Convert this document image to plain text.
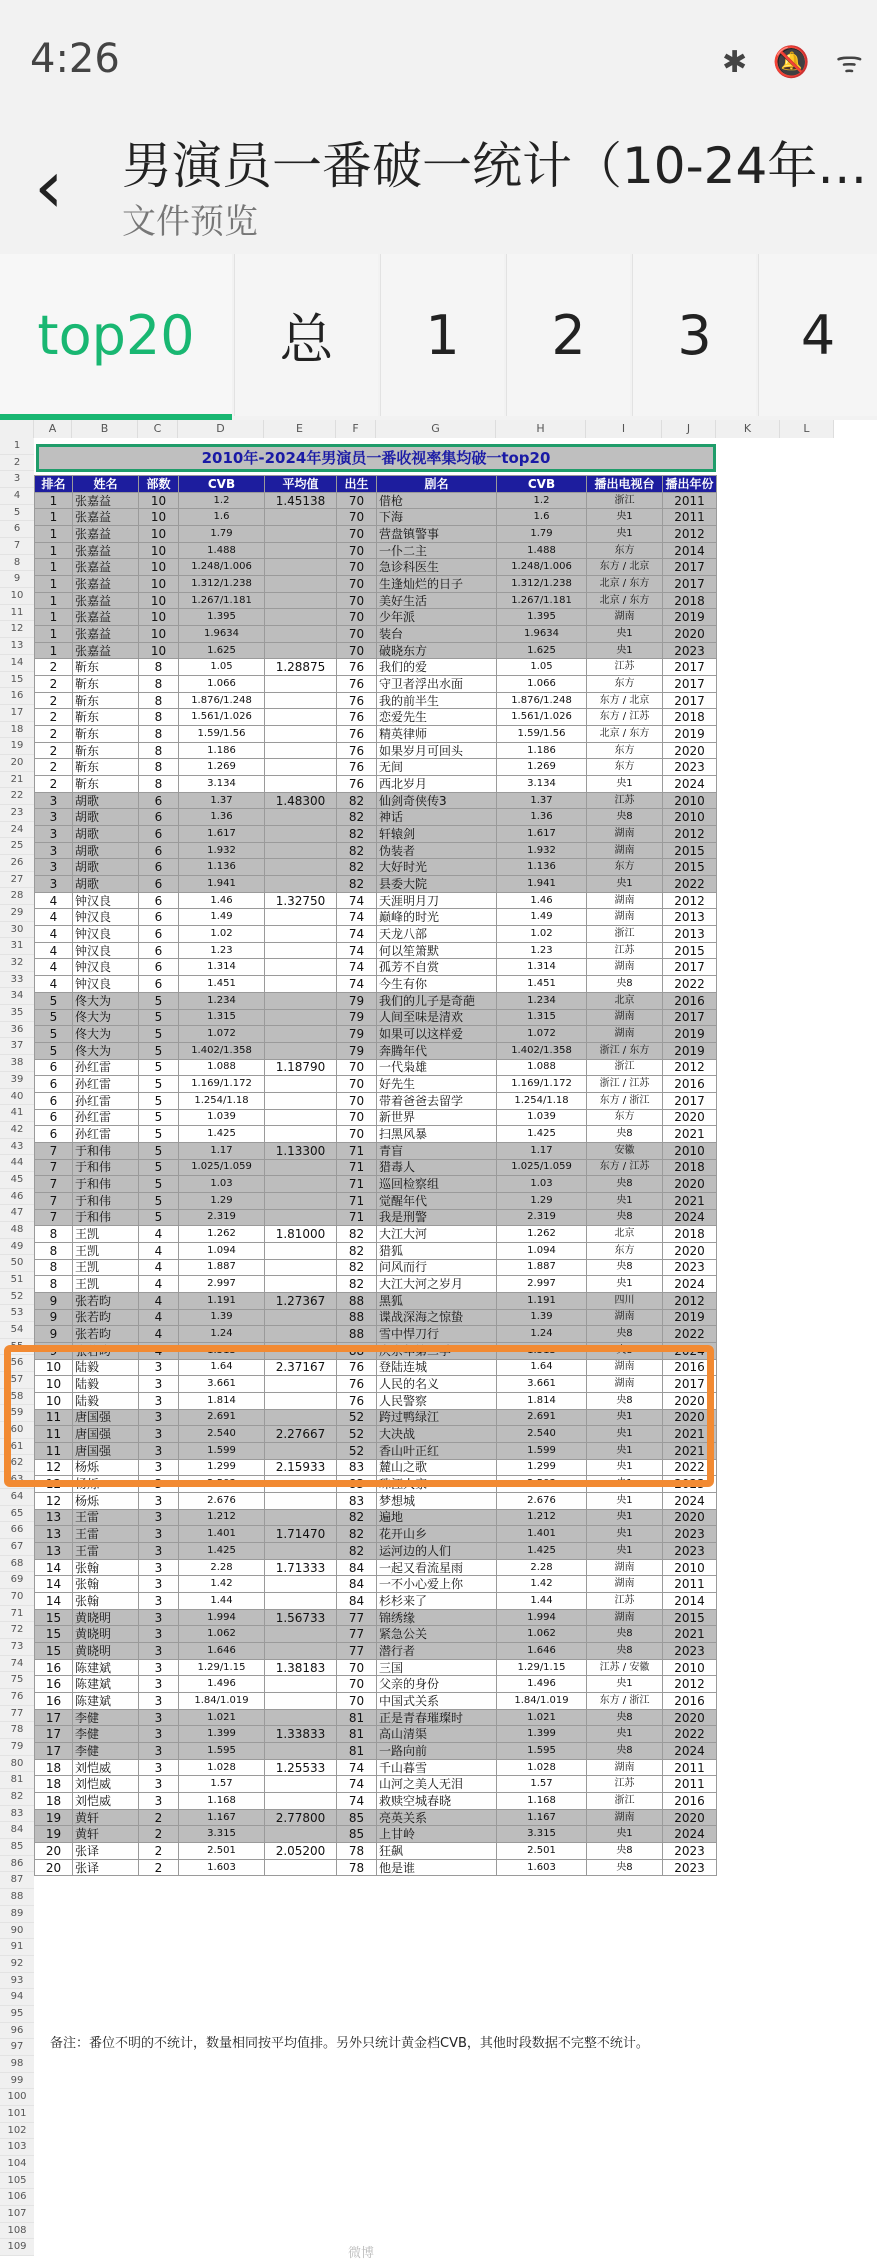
4:26	✱ 🔕 ᯤ
‹	男演员一番破一统计（10-24年…
文件预览
top20	总	1	2	3	4
A	B	C	D	E	F	G	H	I	J	K	L
1
2
3
4
5
6
7
8
9
10
11
12
13
14
15
16
17
18
19
20
21
22
23
24
25
26
27
28
29
30
31
32
33
34
35
36
37
38
39
40
41
42
43
44
45
46
47
48
49
50
51
52
53
54
55
56
57
58
59
60
61
62
63
64
65
66
67
68
69
70
71
72
73
74
75
76
77
78
79
80
81
82
83
84
85
86
87
88
89
90
91
92
93
94
95
96
97
98
99
100
101
102
103
104
105
106
107
108
109
2010年-2024年男演员一番收视率集均破一top20
排名	姓名	部数	CVB	平均值	出生	剧名	CVB	播出电视台	播出年份
1	张嘉益	10	1.2	1.45138	70	借枪	1.2	浙江	2011
1	张嘉益	10	1.6		70	下海	1.6	央1	2011
1	张嘉益	10	1.79		70	营盘镇警事	1.79	央1	2012
1	张嘉益	10	1.488		70	一仆二主	1.488	东方	2014
1	张嘉益	10	1.248/1.006		70	急诊科医生	1.248/1.006	东方 / 北京	2017
1	张嘉益	10	1.312/1.238		70	生逢灿烂的日子	1.312/1.238	北京 / 东方	2017
1	张嘉益	10	1.267/1.181		70	美好生活	1.267/1.181	北京 / 东方	2018
1	张嘉益	10	1.395		70	少年派	1.395	湖南	2019
1	张嘉益	10	1.9634		70	装台	1.9634	央1	2020
1	张嘉益	10	1.625		70	破晓东方	1.625	央1	2023
2	靳东	8	1.05	1.28875	76	我们的爱	1.05	江苏	2017
2	靳东	8	1.066		76	守卫者浮出水面	1.066	东方	2017
2	靳东	8	1.876/1.248		76	我的前半生	1.876/1.248	东方 / 北京	2017
2	靳东	8	1.561/1.026		76	恋爱先生	1.561/1.026	东方 / 江苏	2018
2	靳东	8	1.59/1.56		76	精英律师	1.59/1.56	北京 / 东方	2019
2	靳东	8	1.186		76	如果岁月可回头	1.186	东方	2020
2	靳东	8	1.269		76	无间	1.269	东方	2023
2	靳东	8	3.134		76	西北岁月	3.134	央1	2024
3	胡歌	6	1.37	1.48300	82	仙剑奇侠传3	1.37	江苏	2010
3	胡歌	6	1.36		82	神话	1.36	央8	2010
3	胡歌	6	1.617		82	轩辕剑	1.617	湖南	2012
3	胡歌	6	1.932		82	伪装者	1.932	湖南	2015
3	胡歌	6	1.136		82	大好时光	1.136	东方	2015
3	胡歌	6	1.941		82	县委大院	1.941	央1	2022
4	钟汉良	6	1.46	1.32750	74	天涯明月刀	1.46	湖南	2012
4	钟汉良	6	1.49		74	巅峰的时光	1.49	湖南	2013
4	钟汉良	6	1.02		74	天龙八部	1.02	浙江	2013
4	钟汉良	6	1.23		74	何以笙箫默	1.23	江苏	2015
4	钟汉良	6	1.314		74	孤芳不自赏	1.314	湖南	2017
4	钟汉良	6	1.451		74	今生有你	1.451	央8	2022
5	佟大为	5	1.234		79	我们的儿子是奇葩	1.234	北京	2016
5	佟大为	5	1.315		79	人间至味是清欢	1.315	湖南	2017
5	佟大为	5	1.072		79	如果可以这样爱	1.072	湖南	2019
5	佟大为	5	1.402/1.358		79	奔腾年代	1.402/1.358	浙江 / 东方	2019
6	孙红雷	5	1.088	1.18790	70	一代枭雄	1.088	浙江	2012
6	孙红雷	5	1.169/1.172		70	好先生	1.169/1.172	浙江 / 江苏	2016
6	孙红雷	5	1.254/1.18		70	带着爸爸去留学	1.254/1.18	东方 / 浙江	2017
6	孙红雷	5	1.039		70	新世界	1.039	东方	2020
6	孙红雷	5	1.425		70	扫黑风暴	1.425	央8	2021
7	于和伟	5	1.17	1.13300	71	青盲	1.17	安徽	2010
7	于和伟	5	1.025/1.059		71	猎毒人	1.025/1.059	东方 / 江苏	2018
7	于和伟	5	1.03		71	巡回检察组	1.03	央8	2020
7	于和伟	5	1.29		71	觉醒年代	1.29	央1	2021
7	于和伟	5	2.319		71	我是刑警	2.319	央8	2024
8	王凯	4	1.262	1.81000	82	大江大河	1.262	北京	2018
8	王凯	4	1.094		82	猎狐	1.094	东方	2020
8	王凯	4	1.887		82	问风而行	1.887	央8	2023
8	王凯	4	2.997		82	大江大河之岁月	2.997	央1	2024
9	张若昀	4	1.191	1.27367	88	黑狐	1.191	四川	2012
9	张若昀	4	1.39		88	谍战深海之惊蛰	1.39	湖南	2019
9	张若昀	4	1.24		88	雪中悍刀行	1.24	央8	2022
9	张若昀	4	1.513		88	庆余年第二季	1.513	央8	2024
10	陆毅	3	1.64	2.37167	76	登陆连城	1.64	湖南	2016
10	陆毅	3	3.661		76	人民的名义	3.661	湖南	2017
10	陆毅	3	1.814		76	人民警察	1.814	央8	2020
11	唐国强	3	2.691		52	跨过鸭绿江	2.691	央1	2020
11	唐国强	3	2.540	2.27667	52	大决战	2.540	央1	2021
11	唐国强	3	1.599		52	香山叶正红	1.599	央1	2021
12	杨烁	3	1.299	2.15933	83	麓山之歌	1.299	央1	2022
12	杨烁	3	2.503		83	珠江人家	2.503	央1	2023
12	杨烁	3	2.676		83	梦想城	2.676	央1	2024
13	王雷	3	1.212		82	遍地	1.212	央1	2020
13	王雷	3	1.401	1.71470	82	花开山乡	1.401	央1	2023
13	王雷	3	1.425		82	运河边的人们	1.425	央1	2023
14	张翰	3	2.28	1.71333	84	一起又看流星雨	2.28	湖南	2010
14	张翰	3	1.42		84	一不小心爱上你	1.42	湖南	2011
14	张翰	3	1.44		84	杉杉来了	1.44	江苏	2014
15	黄晓明	3	1.994	1.56733	77	锦绣缘	1.994	湖南	2015
15	黄晓明	3	1.062		77	紧急公关	1.062	央8	2021
15	黄晓明	3	1.646		77	潜行者	1.646	央8	2023
16	陈建斌	3	1.29/1.15	1.38183	70	三国	1.29/1.15	江苏 / 安徽	2010
16	陈建斌	3	1.496		70	父亲的身份	1.496	央1	2012
16	陈建斌	3	1.84/1.019		70	中国式关系	1.84/1.019	东方 / 浙江	2016
17	李健	3	1.021		81	正是青春璀璨时	1.021	央8	2020
17	李健	3	1.399	1.33833	81	高山清渠	1.399	央1	2022
17	李健	3	1.595		81	一路向前	1.595	央8	2024
18	刘恺威	3	1.028	1.25533	74	千山暮雪	1.028	湖南	2011
18	刘恺威	3	1.57		74	山河之美人无泪	1.57	江苏	2011
18	刘恺威	3	1.168		74	救赎空城春晓	1.168	浙江	2016
19	黄轩	2	1.167	2.77800	85	亮英关系	1.167	湖南	2020
19	黄轩	2	3.315		85	上甘岭	3.315	央1	2024
20	张译	2	2.501	2.05200	78	狂飙	2.501	央8	2023
20	张译	2	1.603		78	他是谁	1.603	央8	2023
备注：番位不明的不统计，数量相同按平均值排。另外只统计黄金档CVB，其他时段数据不完整不统计。
微博
